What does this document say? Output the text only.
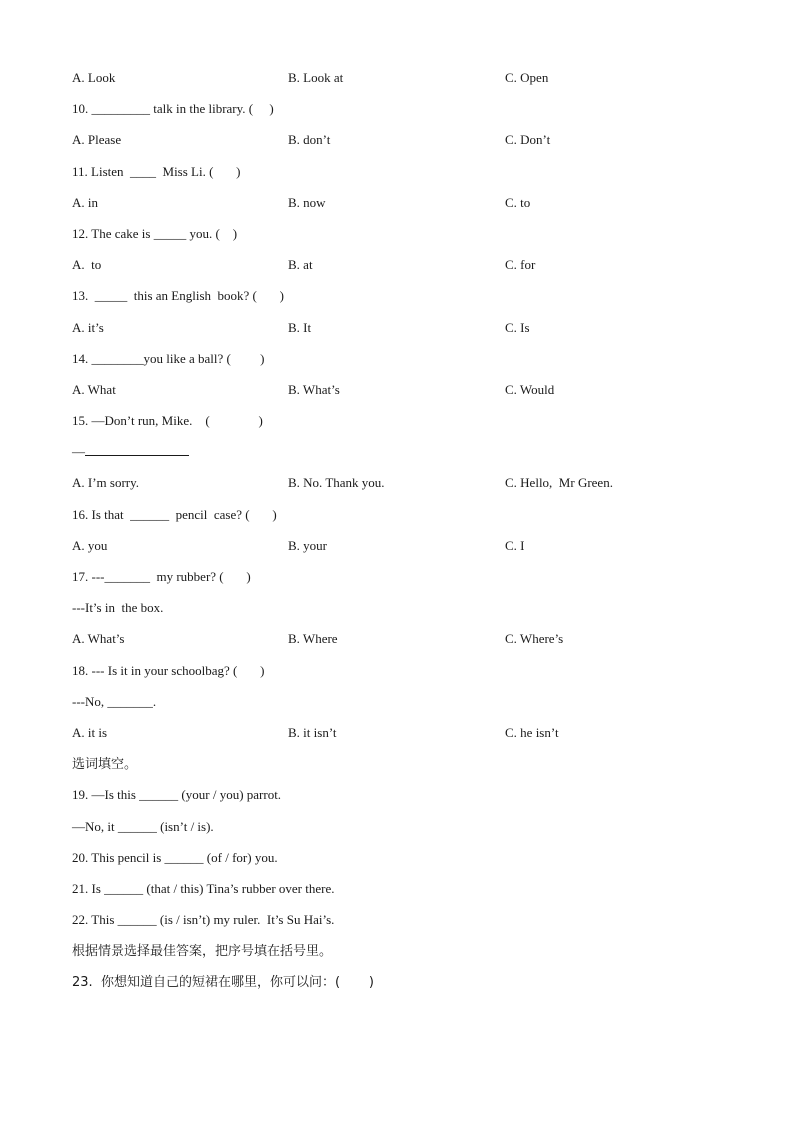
A. Look	B. Look at	C. Open
10. _________ talk in the library. (     )
A. Please	B. don’t	C. Don’t
11. Listen  ____  Miss Li. (       )
A. in	B. now	C. to
12. The cake is _____ you. (    )
A.  to	B. at	C. for
13.  _____  this an English  book? (       )
A. it’s	B. It	C. Is
14. ________you like a ball? (         )
A. What	B. What’s	C. Would
15. —Don’t run, Mike.    (               )
—
A. I’m sorry.	B. No. Thank you.	C. Hello,  Mr Green.
16. Is that  ______  pencil  case? (       )
A. you	B. your	C. I
17. ---_______  my rubber? (       )
---It’s in  the box.
A. What’s	B. Where	C. Where’s
18. --- Is it in your schoolbag? (       )
---No, _______.
A. it is	B. it isn’t	C. he isn’t
选词填空。
19. —Is this ______ (your / you) parrot.
—No, it ______ (isn’t / is).
20. This pencil is ______ (of / for) you.
21. Is ______ (that / this) Tina’s rubber over there.
22. This ______ (is / isn’t) my ruler.  It’s Su Hai’s.
根据情景选择最佳答案，把序号填在括号里。
23.  你想知道自己的短裙在哪里，你可以问：(       )
